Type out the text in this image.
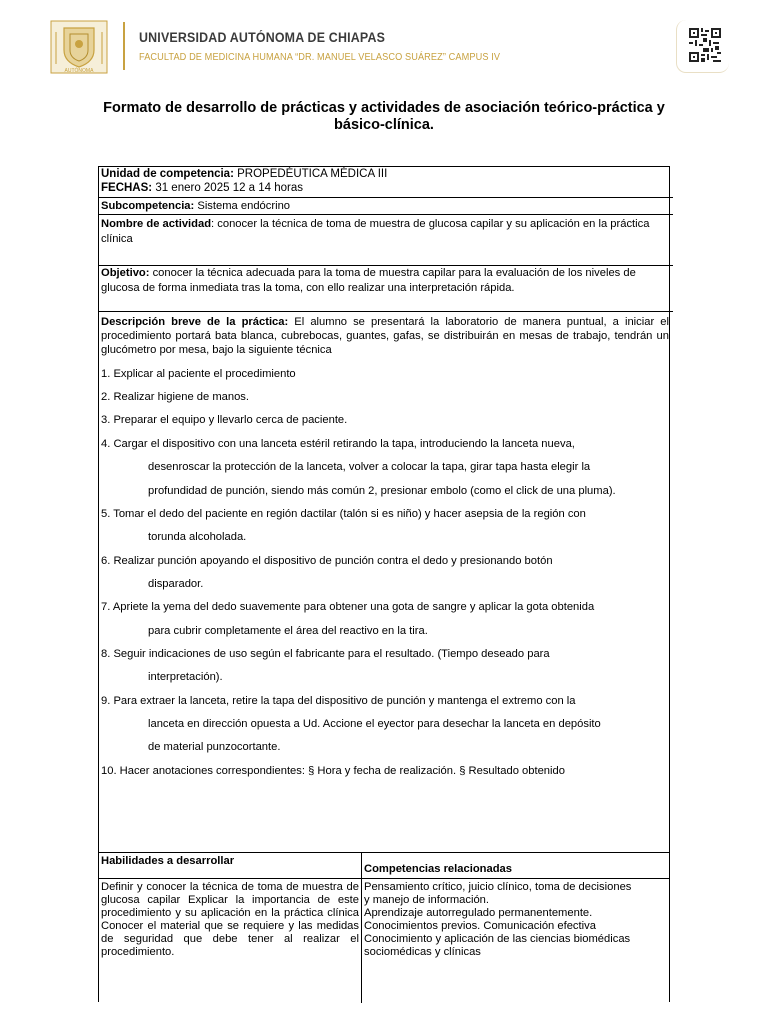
AUTÓNOMA
UNIVERSIDAD AUTÓNOMA DE CHIAPAS
FACULTAD DE MEDICINA HUMANA “DR. MANUEL VELASCO SUÁREZ” CAMPUS IV
Formato de desarrollo de prácticas y actividades de asociación teórico-práctica y
básico-clínica.
Unidad de competencia: PROPEDÉUTICA MÉDICA III
FECHAS: 31 enero 2025 12 a 14 horas
Subcompetencia: Sistema endócrino
Nombre de actividad: conocer la técnica de toma de muestra de glucosa capilar y su aplicación en la práctica clínica
Objetivo: conocer la técnica adecuada para la toma de muestra capilar para la evaluación de los niveles de glucosa de forma inmediata tras la toma, con ello realizar una interpretación rápida.
Descripción breve de la práctica: El alumno se presentará la laboratorio de manera puntual, a iniciar el procedimiento portará bata blanca, cubrebocas, guantes, gafas, se distribuirán en mesas de trabajo, tendrán un glucómetro por mesa, bajo la siguiente técnica
1. Explicar al paciente el procedimiento
2. Realizar higiene de manos.
3. Preparar el equipo y llevarlo cerca de paciente.
4. Cargar el dispositivo con una lanceta estéril retirando la tapa, introduciendo la lanceta nueva,
desenroscar la protección de la lanceta, volver a colocar la tapa, girar tapa hasta elegir la
profundidad de punción, siendo más común 2, presionar embolo (como el click de una pluma).
5. Tomar el dedo del paciente en región dactilar (talón si es niño) y hacer asepsia de la región con
torunda alcoholada.
6. Realizar punción apoyando el dispositivo de punción contra el dedo y presionando botón
disparador.
7. Apriete la yema del dedo suavemente para obtener una gota de sangre y aplicar la gota obtenida
para cubrir completamente el área del reactivo en la tira.
8. Seguir indicaciones de uso según el fabricante para el resultado. (Tiempo deseado para
interpretación).
9. Para extraer la lanceta, retire la tapa del dispositivo de punción y mantenga el extremo con la
lanceta en dirección opuesta a Ud. Accione el eyector para desechar la lanceta en depósito
de material punzocortante.
10. Hacer anotaciones correspondientes: § Hora y fecha de realización. § Resultado obtenido
Habilidades a desarrollar
Competencias relacionadas
Definir y conocer la técnica de toma de muestra de glucosa capilar Explicar la importancia de este procedimiento y su aplicación en la práctica clínica Conocer el material que se requiere y las medidas de seguridad que debe tener al realizar el procedimiento.
Pensamiento crítico, juicio clínico, toma de decisiones
y manejo de información.
Aprendizaje autorregulado permanentemente.
Conocimientos previos. Comunicación efectiva
Conocimiento y aplicación de las ciencias biomédicas
sociomédicas y clínicas
